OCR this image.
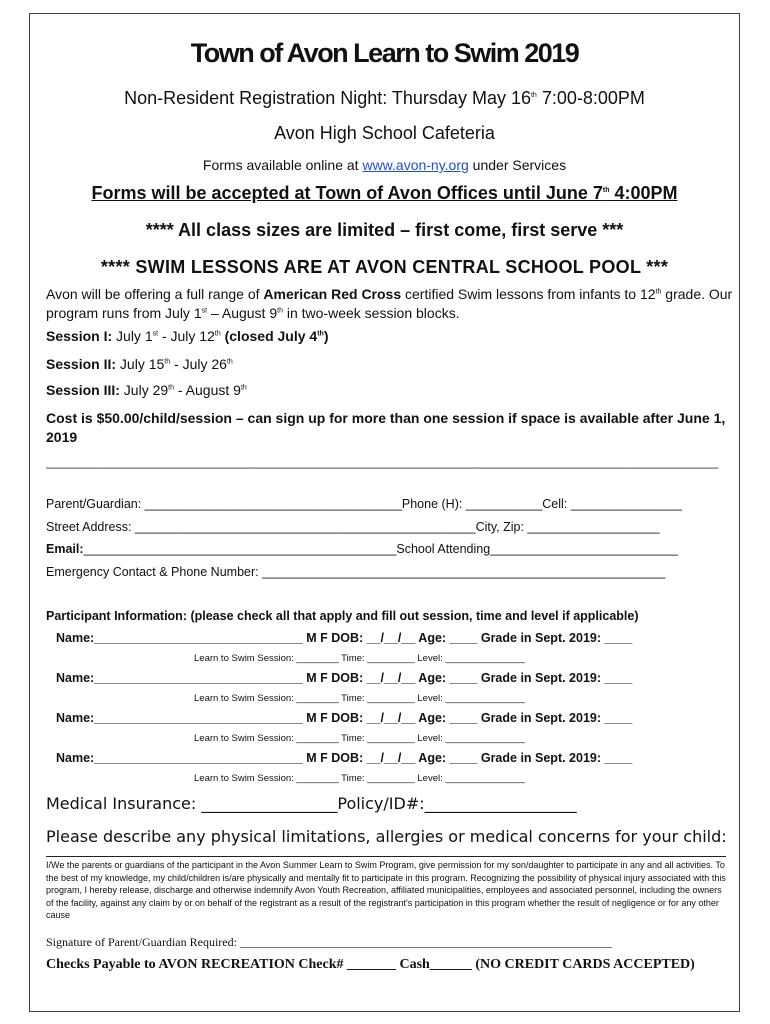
Town of Avon Learn to Swim 2019
Non-Resident Registration Night: Thursday May 16th 7:00-8:00PM
Avon High School Cafeteria
Forms available online at www.avon-ny.org under Services
Forms will be accepted at Town of Avon Offices until June 7th 4:00PM
**** All class sizes are limited – first come, first serve ***
**** SWIM LESSONS ARE AT AVON CENTRAL SCHOOL POOL ***
Avon will be offering a full range of American Red Cross certified Swim lessons from infants to 12th grade. Our program runs from July 1st – August 9th in two-week session blocks.
Session I: July 1st - July 12th (closed July 4th)
Session II: July 15th - July 26th
Session III: July 29th - August 9th
Cost is $50.00/child/session – can sign up for more than one session if space is available after June 1, 2019
_____________________________________________________________________________________________
Parent/Guardian: _____________________________________Phone (H): ___________Cell: ________________
Street Address: _________________________________________________City, Zip: ___________________
Email:_____________________________________________School Attending___________________________
Emergency Contact & Phone Number: __________________________________________________________
Participant Information: (please check all that apply and fill out session, time and level if applicable)
Name:______________________________ M F DOB: __/__/__ Age: ____ Grade in Sept. 2019: ____
Learn to Swim Session: ________ Time: _________ Level: _______________
Name:______________________________ M F DOB: __/__/__ Age: ____ Grade in Sept. 2019: ____
Learn to Swim Session: ________ Time: _________ Level: _______________
Name:______________________________ M F DOB: __/__/__ Age: ____ Grade in Sept. 2019: ____
Learn to Swim Session: ________ Time: _________ Level: _______________
Name:______________________________ M F DOB: __/__/__ Age: ____ Grade in Sept. 2019: ____
Learn to Swim Session: ________ Time: _________ Level: _______________
Medical Insurance: _________________Policy/ID#:___________________
Please describe any physical limitations, allergies or medical concerns for your child:
I/We the parents or guardians of the participant in the Avon Summer Learn to Swim Program, give permission for my son/daughter to participate in any and all activities. To the best of my knowledge, my child/children is/are physically and mentally fit to participate in this program. Recognizing the possibility of physical injury associated with this program, I hereby release, discharge and otherwise indemnify Avon Youth Recreation, affiliated municipalities, employees and associated personnel, including the owners of the facility, against any claim by or on behalf of the registrant as a result of the registrant's participation in this program whether the result of negligence or for any other cause
Signature of Parent/Guardian Required: ______________________________________________________________
Checks Payable to AVON RECREATION Check# _______ Cash______ (NO CREDIT CARDS ACCEPTED)
